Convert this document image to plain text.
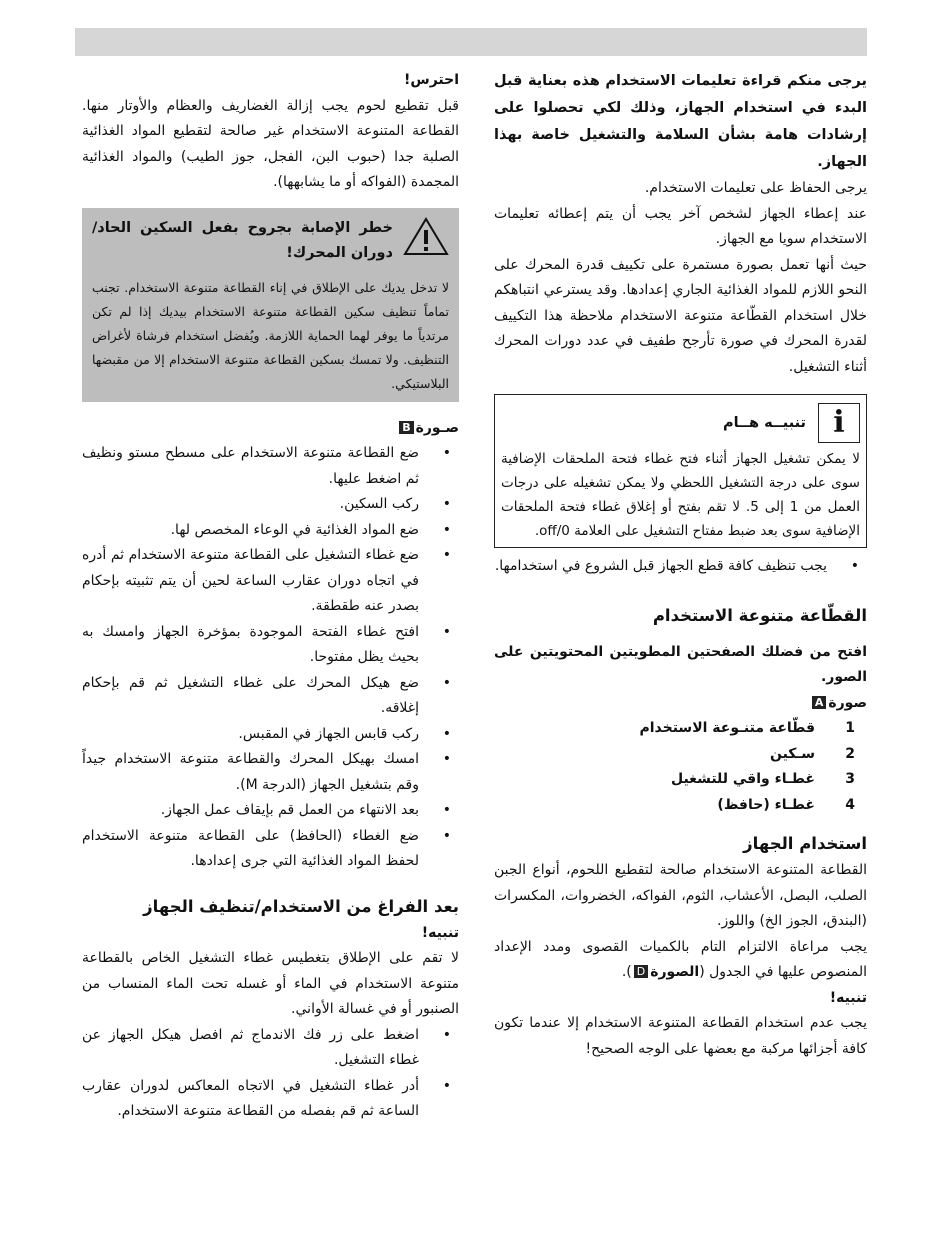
يرجى منكم قراءة تعليمات الاستخدام هذه بعناية قبل البدء في استخدام الجهاز، وذلك لكي تحصلوا على إرشادات هامة بشأن السلامة والتشغيل خاصة بهذا الجهاز.

يرجى الحفاظ على تعليمات الاستخدام.

عند إعطاء الجهاز لشخص آخر يجب أن يتم إعطائه تعليمات الاستخدام سويا مع الجهاز.

حيث أنها تعمل بصورة مستمرة على تكييف قدرة المحرك على النحو اللازم للمواد الغذائية الجاري إعدادها. وقد يسترعي انتباهكم خلال استخدام القطّاعة متنوعة الاستخدام ملاحظة هذا التكييف لقدرة المحرك في صورة تأرجح طفيف في عدد دورات المحرك أثناء التشغيل.

i
تنبيــه هــام

لا يمكن تشغيل الجهاز أثناء فتح غطاء فتحة الملحقات الإضافية سوى على درجة التشغيل اللحظي ولا يمكن تشغيله على درجات العمل من 1 إلى 5. لا تقم بفتح أو إغلاق غطاء فتحة الملحقات الإضافية سوى بعد ضبط مفتاح التشغيل على العلامة off/0.

• يجب تنظيف كافة قطع الجهاز قبل الشروع في استخدامها.
القطّاعة متنوعة الاستخدام

افتح من فضلك الصفحتين المطويتين المحتويتين على الصور.

صورةA

1
قطّاعة متنـوعة الاستخدام
2
سـكين
3
غطـاء واقي للتشغيل
4
غطـاء (حافظ)
استخدام الجهاز

القطاعة المتنوعة الاستخدام صالحة لتقطيع اللحوم، أنواع الجبن الصلب، البصل، الأعشاب، الثوم، الفواكه، الخضروات، المكسرات (البندق، الجوز الخ) واللوز.

يجب مراعاة الالتزام التام بالكميات القصوى ومدد الإعداد المنصوص عليها في الجدول (الصورةD).

تنبيه!

يجب عدم استخدام القطاعة المتنوعة الاستخدام إلا عندما تكون كافة أجزائها مركبة مع بعضها على الوجه الصحيح!

احترس!

قبل تقطيع لحوم يجب إزالة الغضاريف والعظام والأوتار منها. القطاعة المتنوعة الاستخدام غير صالحة لتقطيع المواد الغذائية الصلبة جدا (حبوب البن، الفجل، جوز الطيب) والمواد الغذائية المجمدة (الفواكه أو ما يشابهها).

خطر الإصابة بجروح بفعل السكين الحاد/ دوران المحرك!

لا تدخل يديك على الإطلاق في إناء القطاعة متنوعة الاستخدام. تجنب تماماً تنظيف سكين القطاعة متنوعة الاستخدام بيديك إذا لم تكن مرتدياً ما يوفر لهما الحماية اللازمة. ويُفضل استخدام فرشاة لأغراض التنظيف. ولا تمسك بسكين القطاعة متنوعة الاستخدام إلا من مقبضها البلاستيكي.

صـورةB

• ضع القطاعة متنوعة الاستخدام على مسطح مستو ونظيف ثم اضغط عليها.
• ركب السكين.
• ضع المواد الغذائية في الوعاء المخصص لها.
• ضع غطاء التشغيل على القطاعة متنوعة الاستخدام ثم أدره في اتجاه دوران عقارب الساعة لحين أن يتم تثبيته بإحكام بصدر عنه طقطقة.
• افتح غطاء الفتحة الموجودة بمؤخرة الجهاز وامسك به بحيث يظل مفتوحا.
• ضع هيكل المحرك على غطاء التشغيل ثم قم بإحكام إغلاقه.
• ركب قابس الجهاز في المقبس.
• امسك بهيكل المحرك والقطاعة متنوعة الاستخدام جيداً وقم بتشغيل الجهاز (الدرجة M).
• بعد الانتهاء من العمل قم بإيقاف عمل الجهاز.
• ضع الغطاء (الحافظ) على القطاعة متنوعة الاستخدام لحفظ المواد الغذائية التي جرى إعدادها.
بعد الفراغ من الاستخدام/تنظيف الجهاز

تنبيه!

لا تقم على الإطلاق بتغطيس غطاء التشغيل الخاص بالقطاعة متنوعة الاستخدام في الماء أو غسله تحت الماء المنساب من الصنبور أو في غسالة الأواني.

• اضغط على زر فك الاندماج ثم افصل هيكل الجهاز عن غطاء التشغيل.
• أدر غطاء التشغيل في الاتجاه المعاكس لدوران عقارب الساعة ثم قم بفصله من القطاعة متنوعة الاستخدام.
